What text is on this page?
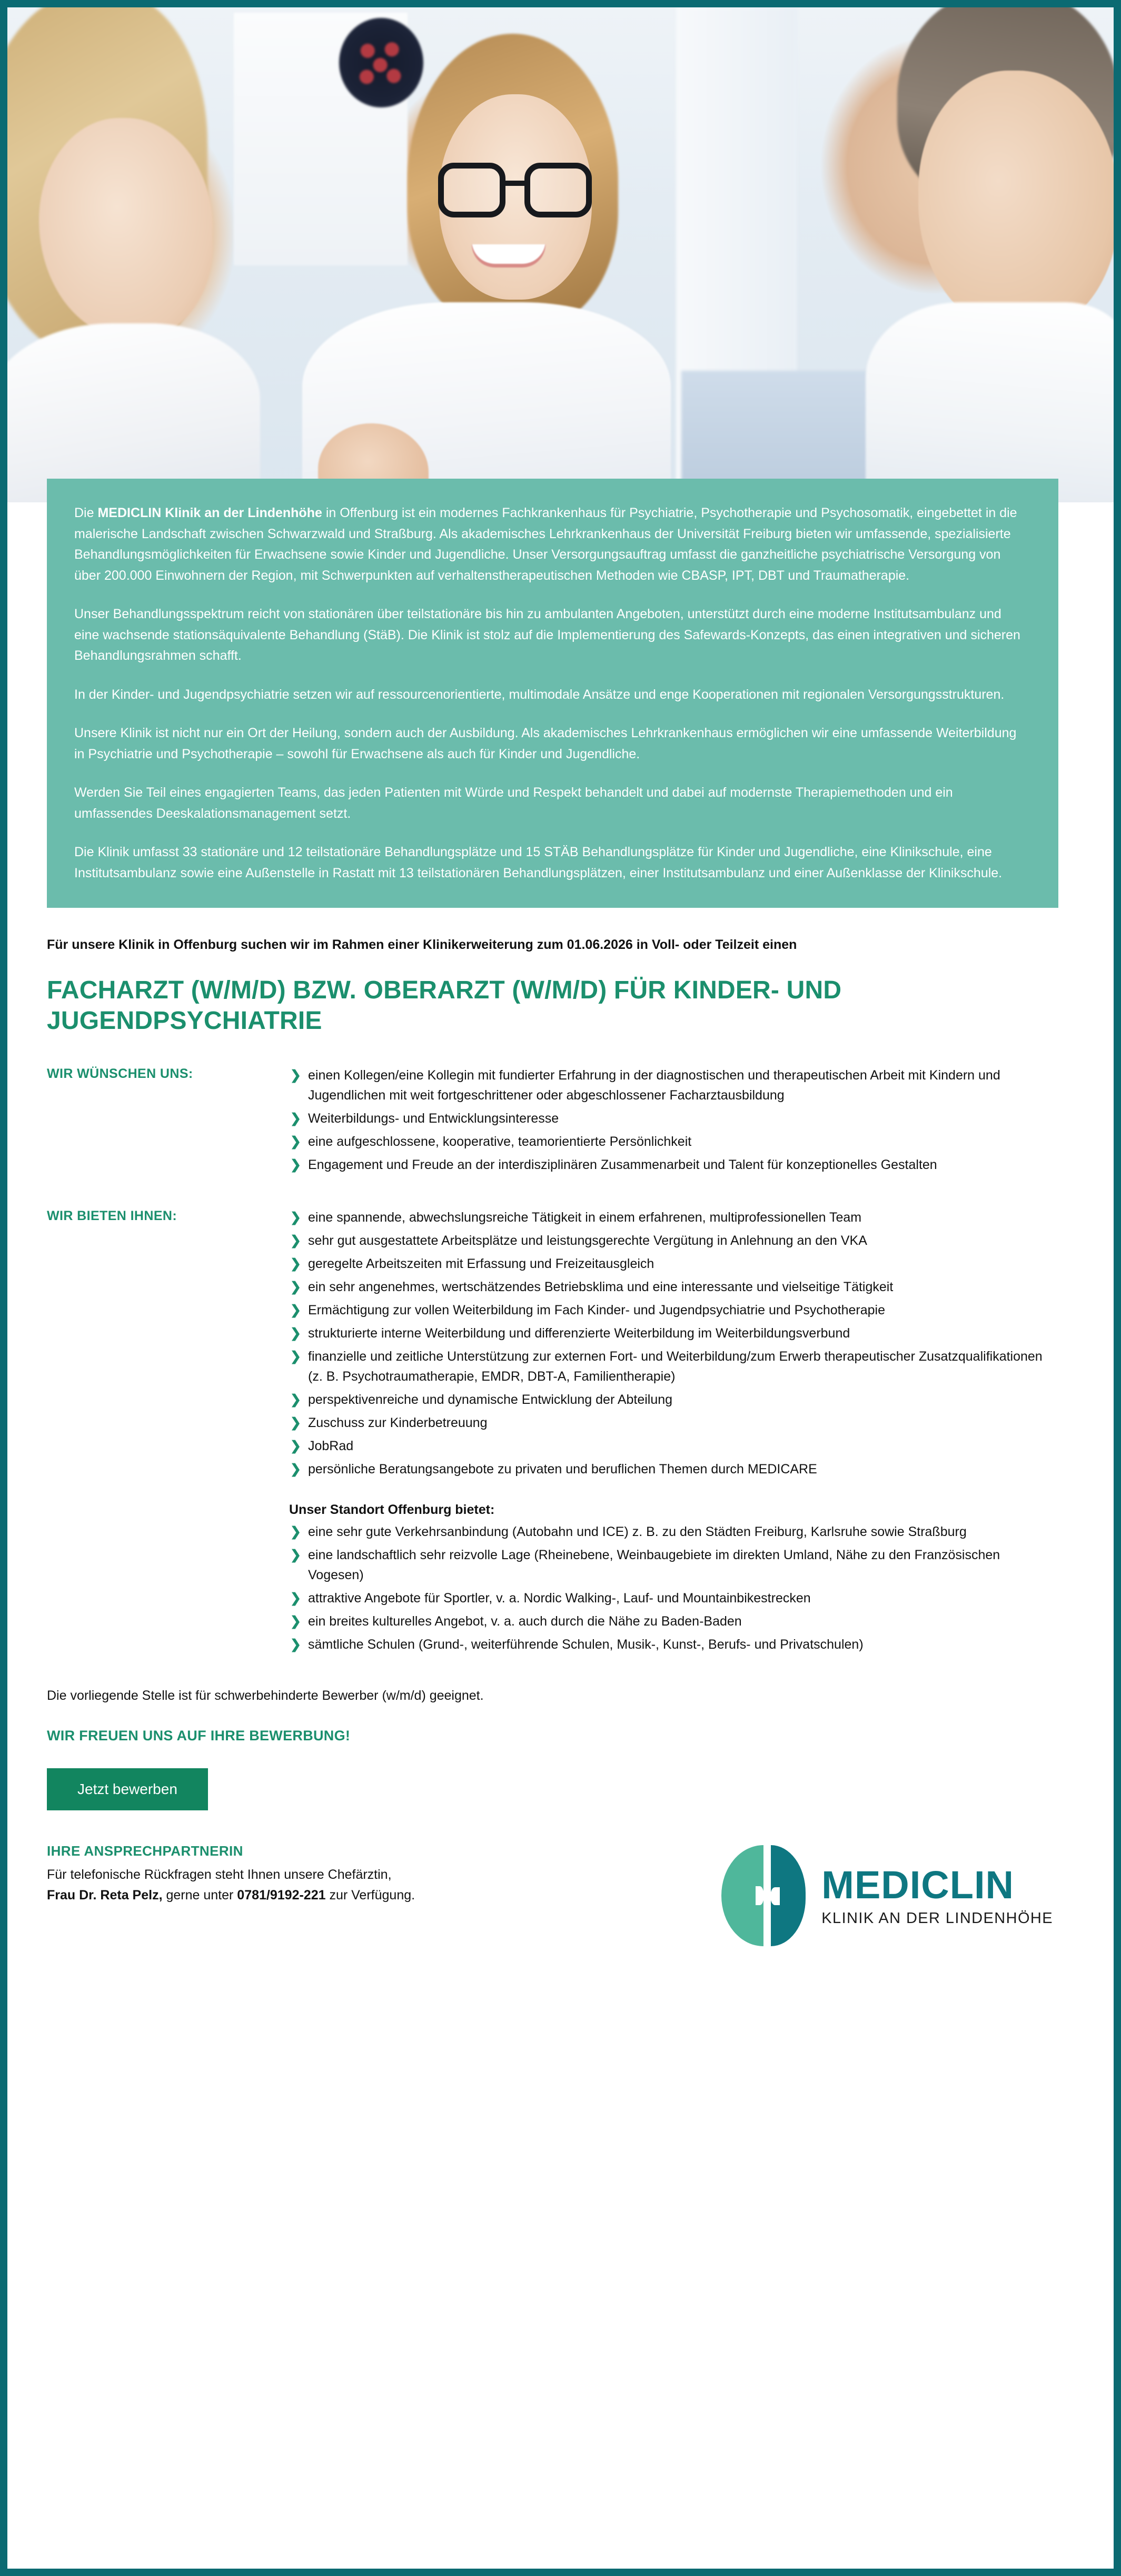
Die MEDICLIN Klinik an der Lindenhöhe in Offenburg ist ein modernes Fachkrankenhaus für Psychiatrie, Psychotherapie und Psychosomatik, eingebettet in die malerische Landschaft zwischen Schwarzwald und Straßburg. Als akademisches Lehrkrankenhaus der Universität Freiburg bieten wir umfassende, spezialisierte Behandlungsmöglichkeiten für Erwachsene sowie Kinder und Jugendliche. Unser Versorgungsauftrag umfasst die ganzheitliche psychiatrische Versorgung von über 200.000 Einwohnern der Region, mit Schwerpunkten auf verhaltenstherapeutischen Methoden wie CBASP, IPT, DBT und Traumatherapie.

Unser Behandlungsspektrum reicht von stationären über teilstationäre bis hin zu ambulanten Angeboten, unterstützt durch eine moderne Institutsambulanz und eine wachsende stationsäquivalente Behandlung (StäB). Die Klinik ist stolz auf die Implementierung des Safewards-Konzepts, das einen integrativen und sicheren Behandlungsrahmen schafft.

In der Kinder- und Jugendpsychiatrie setzen wir auf ressourcenorientierte, multimodale Ansätze und enge Kooperationen mit regionalen Versorgungsstrukturen.

Unsere Klinik ist nicht nur ein Ort der Heilung, sondern auch der Ausbildung. Als akademisches Lehrkrankenhaus ermöglichen wir eine umfassende Weiterbildung in Psychiatrie und Psychotherapie – sowohl für Erwachsene als auch für Kinder und Jugendliche.

Werden Sie Teil eines engagierten Teams, das jeden Patienten mit Würde und Respekt behandelt und dabei auf modernste Therapiemethoden und ein umfassendes Deeskalationsmanagement setzt.

Die Klinik umfasst 33 stationäre und 12 teilstationäre Behandlungsplätze und 15 STÄB Behandlungsplätze für Kinder und Jugendliche, eine Klinikschule, eine Institutsambulanz sowie eine Außenstelle in Rastatt mit 13 teilstationären Behandlungsplätzen, einer Institutsambulanz und einer Außenklasse der Klinikschule.

Für unsere Klinik in Offenburg suchen wir im Rahmen einer Klinikerweiterung zum 01.06.2026 in Voll- oder Teilzeit einen
FACHARZT (W/M/D) BZW. OBERARZT (W/M/D) FÜR KINDER- UND JUGENDPSYCHIATRIE
WIR WÜNSCHEN UNS:	❯ einen Kollegen/eine Kollegin mit fundierter Erfahrung in der diagnostischen und therapeutischen Arbeit mit Kindern und Jugendlichen mit weit fortgeschrittener oder abgeschlossener Facharztausbildung
❯ Weiterbildungs- und Entwicklungsinteresse
❯ eine aufgeschlossene, kooperative, teamorientierte Persönlichkeit
❯ Engagement und Freude an der interdisziplinären Zusammenarbeit und Talent für konzeptionelles Gestalten
WIR BIETEN IHNEN:	❯ eine spannende, abwechslungsreiche Tätigkeit in einem erfahrenen, multiprofessionellen Team
❯ sehr gut ausgestattete Arbeitsplätze und leistungsgerechte Vergütung in Anlehnung an den VKA
❯ geregelte Arbeitszeiten mit Erfassung und Freizeitausgleich
❯ ein sehr angenehmes, wertschätzendes Betriebsklima und eine interessante und vielseitige Tätigkeit
❯ Ermächtigung zur vollen Weiterbildung im Fach Kinder- und Jugendpsychiatrie und Psychotherapie
❯ strukturierte interne Weiterbildung und differenzierte Weiterbildung im Weiterbildungsverbund
❯ finanzielle und zeitliche Unterstützung zur externen Fort- und Weiterbildung/zum Erwerb therapeutischer Zusatzqualifikationen (z. B. Psychotraumatherapie, EMDR, DBT-A, Familientherapie)
❯ perspektivenreiche und dynamische Entwicklung der Abteilung
❯ Zuschuss zur Kinderbetreuung
❯ JobRad
❯ persönliche Beratungsangebote zu privaten und beruflichen Themen durch MEDICARE
Unser Standort Offenburg bietet:
❯ eine sehr gute Verkehrsanbindung (Autobahn und ICE) z. B. zu den Städten Freiburg, Karlsruhe sowie Straßburg
❯ eine landschaftlich sehr reizvolle Lage (Rheinebene, Weinbaugebiete im direkten Umland, Nähe zu den Französischen Vogesen)
❯ attraktive Angebote für Sportler, v. a. Nordic Walking-, Lauf- und Mountainbikestrecken
❯ ein breites kulturelles Angebot, v. a. auch durch die Nähe zu Baden-Baden
❯ sämtliche Schulen (Grund-, weiterführende Schulen, Musik-, Kunst-, Berufs- und Privatschulen)
Die vorliegende Stelle ist für schwerbehinderte Bewerber (w/m/d) geeignet.
WIR FREUEN UNS AUF IHRE BEWERBUNG!
Jetzt bewerben
IHRE ANSPRECHPARTNERIN
Für telefonische Rückfragen steht Ihnen unsere Chefärztin,
Frau Dr. Reta Pelz, gerne unter 0781/9192-221 zur Verfügung.	MEDICLIN
KLINIK AN DER LINDENHÖHE
